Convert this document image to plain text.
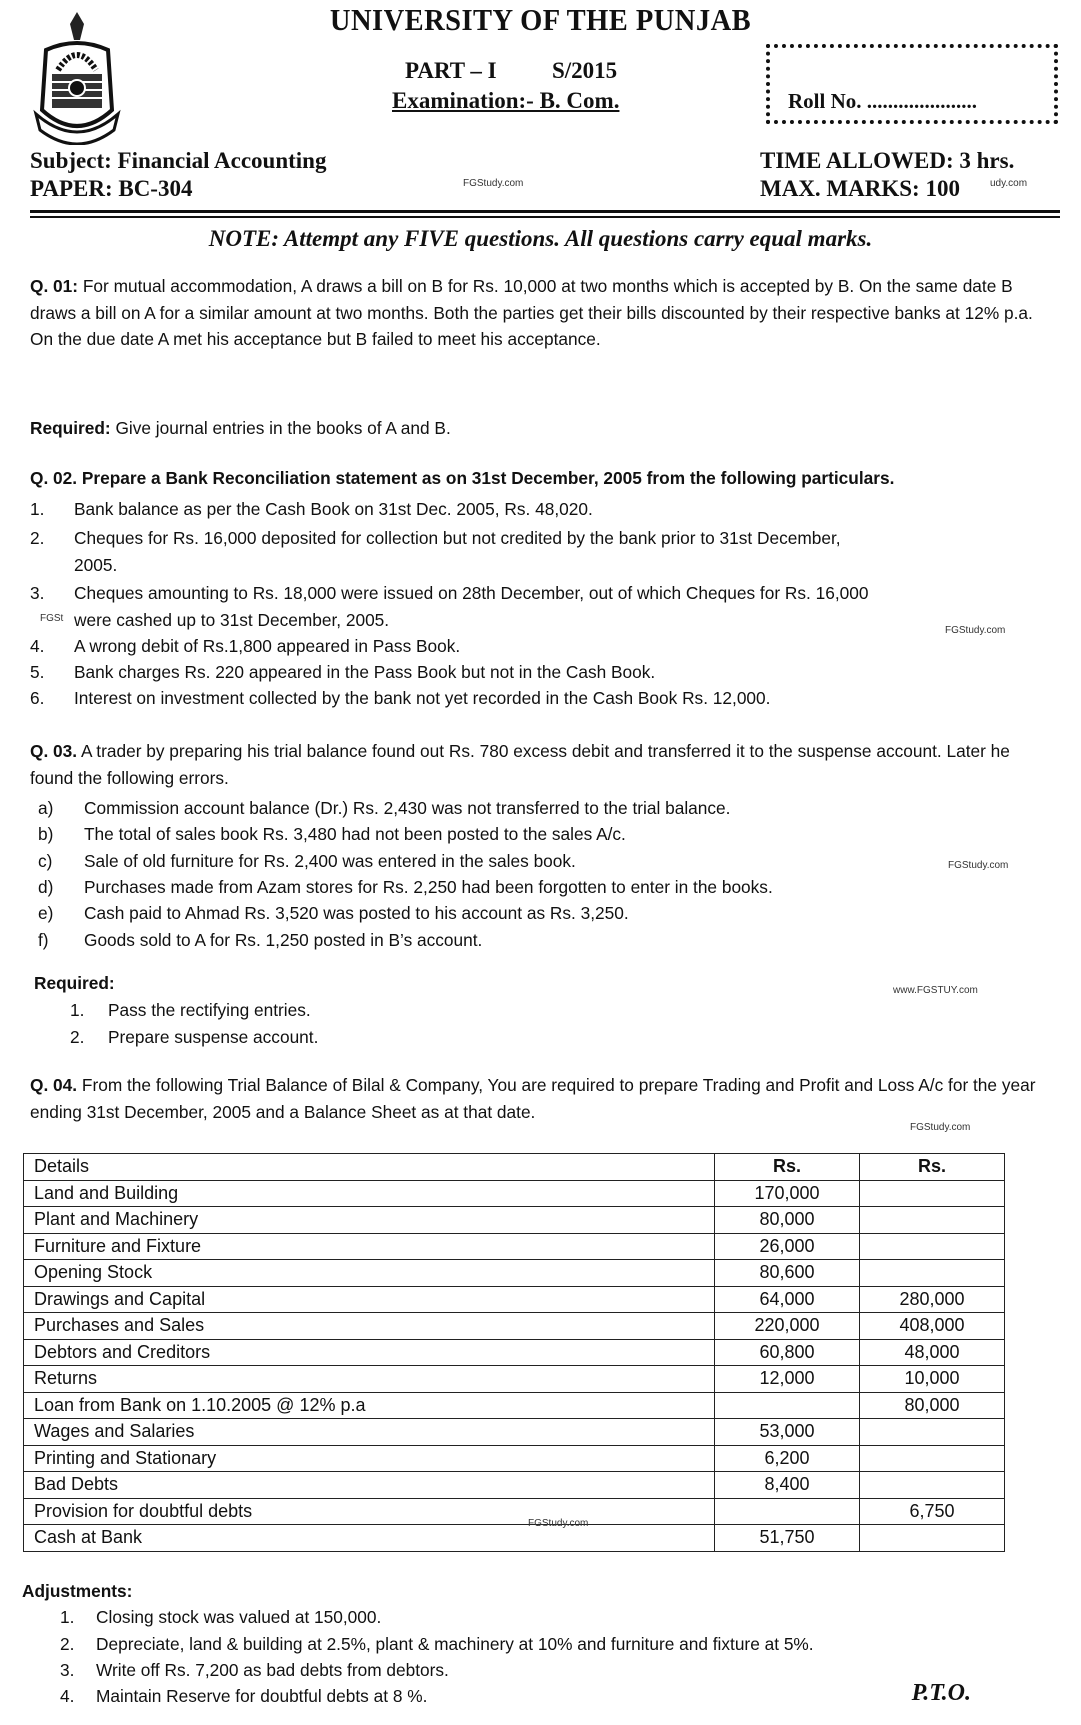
UNIVERSITY OF THE PUNJAB
PART – I S/2015
Examination:- B. Com.	Roll No. .....................
Subject: Financial Accounting
PAPER: BC-304
TIME ALLOWED: 3 hrs.
MAX. MARKS: 100
FGStudy.com	udy.com
NOTE: Attempt any FIVE questions. All questions carry equal marks.
Q. 01: For mutual accommodation, A draws a bill on B for Rs. 10,000 at two months which is accepted by B. On the same date B draws a bill on A for a similar amount at two months. Both the parties get their bills discounted by their respective banks at 12% p.a. On the due date A met his acceptance but B failed to meet his acceptance.
Required: Give journal entries in the books of A and B.
Q. 02. Prepare a Bank Reconciliation statement as on 31st December, 2005 from the following particulars.
1. Bank balance as per the Cash Book on 31st Dec. 2005, Rs. 48,020.
2. Cheques for Rs. 16,000 deposited for collection but not credited by the bank prior to 31st December,
2005.
3. Cheques amounting to Rs. 18,000 were issued on 28th December, out of which Cheques for Rs. 16,000
were cashed up to 31st December, 2005.
FGSt
FGStudy.com
4. A wrong debit of Rs.1,800 appeared in Pass Book.
5. Bank charges Rs. 220 appeared in the Pass Book but not in the Cash Book.
6. Interest on investment collected by the bank not yet recorded in the Cash Book Rs. 12,000.
Q. 03. A trader by preparing his trial balance found out Rs. 780 excess debit and transferred it to the suspense account. Later he found the following errors.
a) Commission account balance (Dr.) Rs. 2,430 was not transferred to the trial balance.
b) The total of sales book Rs. 3,480 had not been posted to the sales A/c.
c) Sale of old furniture for Rs. 2,400 was entered in the sales book.	FGStudy.com
d) Purchases made from Azam stores for Rs. 2,250 had been forgotten to enter in the books.
e) Cash paid to Ahmad Rs. 3,520 was posted to his account as Rs. 3,250.
f) Goods sold to A for Rs. 1,250 posted in B’s account.
Required:	www.FGSTUY.com
1. Pass the rectifying entries.
2. Prepare suspense account.
Q. 04. From the following Trial Balance of Bilal & Company, You are required to prepare Trading and Profit and Loss A/c for the year ending 31st December, 2005 and a Balance Sheet as at that date.
FGStudy.com
Details	Rs.	Rs.
Land and Building	170,000	
Plant and Machinery	80,000	
Furniture and Fixture	26,000	
Opening Stock	80,600	
Drawings and Capital	64,000	280,000
Purchases and Sales	220,000	408,000
Debtors and Creditors	60,800	48,000
Returns	12,000	10,000
Loan from Bank on 1.10.2005 @ 12% p.a		80,000
Wages and Salaries	53,000	
Printing and Stationary	6,200	
Bad Debts	8,400	
Provision for doubtful debts		6,750
Cash at Bank	51,750	
FGStudy.com
Adjustments:
1. Closing stock was valued at 150,000.
2. Depreciate, land & building at 2.5%, plant & machinery at 10% and furniture and fixture at 5%.
3. Write off Rs. 7,200 as bad debts from debtors.
4. Maintain Reserve for doubtful debts at 8 %.	P.T.O.
